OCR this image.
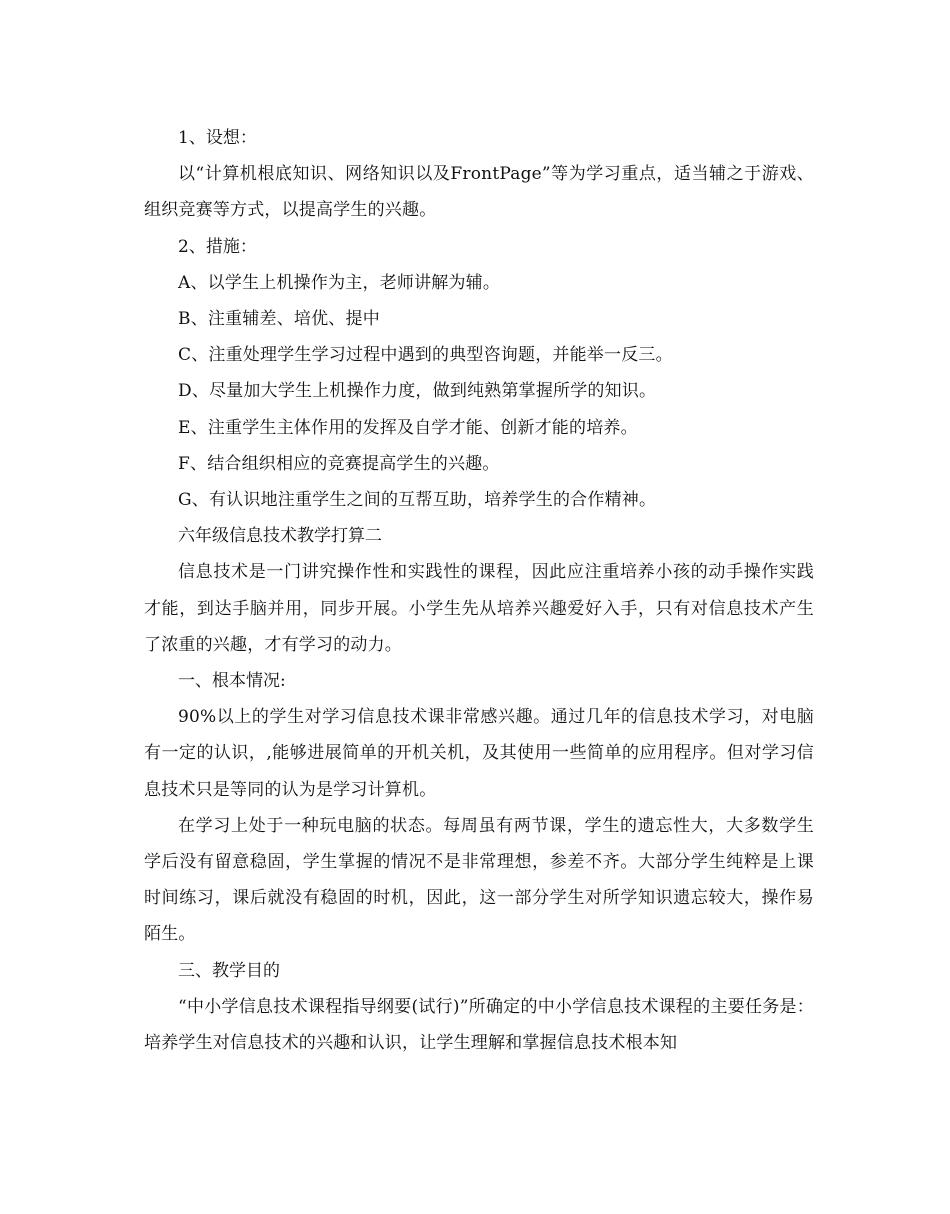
1、设想：

以“计算机根底知识、网络知识以及FrontPage”等为学习重点，适当辅之于游戏、组织竞赛等方式，以提高学生的兴趣。

2、措施：

A、以学生上机操作为主，老师讲解为辅。

B、注重辅差、培优、提中

C、注重处理学生学习过程中遇到的典型咨询题，并能举一反三。

D、尽量加大学生上机操作力度，做到纯熟第掌握所学的知识。

E、注重学生主体作用的发挥及自学才能、创新才能的培养。

F、结合组织相应的竞赛提高学生的兴趣。

G、有认识地注重学生之间的互帮互助，培养学生的合作精神。

六年级信息技术教学打算二

信息技术是一门讲究操作性和实践性的课程，因此应注重培养小孩的动手操作实践才能，到达手脑并用，同步开展。小学生先从培养兴趣爱好入手，只有对信息技术产生了浓重的兴趣，才有学习的动力。

一、根本情况:

90%以上的学生对学习信息技术课非常感兴趣。通过几年的信息技术学习，对电脑有一定的认识，,能够进展简单的开机关机，及其使用一些简单的应用程序。但对学习信息技术只是等同的认为是学习计算机。

在学习上处于一种玩电脑的状态。每周虽有两节课，学生的遗忘性大，大多数学生学后没有留意稳固，学生掌握的情况不是非常理想，参差不齐。大部分学生纯粹是上课时间练习，课后就没有稳固的时机，因此，这一部分学生对所学知识遗忘较大，操作易陌生。

三、教学目的

“中小学信息技术课程指导纲要(试行)”所确定的中小学信息技术课程的主要任务是：培养学生对信息技术的兴趣和认识，让学生理解和掌握信息技术根本知
